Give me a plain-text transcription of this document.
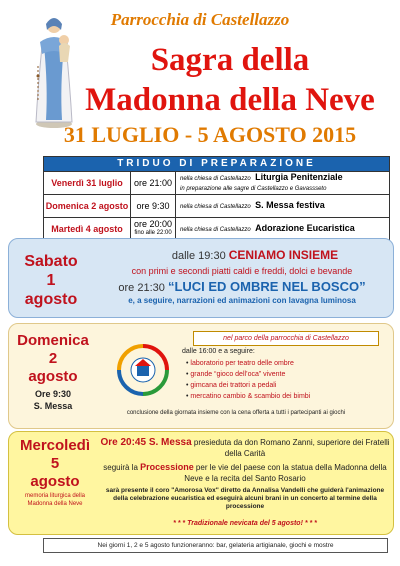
Parrocchia di Castellazzo
Sagra della
Madonna della Neve
31 LUGLIO - 5 AGOSTO 2015
TRIDUO DI PREPARAZIONE
Venerdì 31 luglio	ore 21:00 nella chiesa di Castellazzo Liturgia Penitenziale
in preparazione alle sagre di Castellazzo e Gavassseto
Domenica 2 agosto ore 9:30 nella chiesa di Castellazzo S. Messa festiva
Martedì 4 agosto	ore 20:00
fino alle 22:00 nella chiesa di Castellazzo Adorazione Eucaristica
Sabato
1
agosto
dalle 19:30 CENIAMO INSIEME
con primi e secondi piatti caldi e freddi, dolci e bevande
ore 21:30 “LUCI ED OMBRE NEL BOSCO”
e, a seguire, narrazioni ed animazioni con lavagna luminosa
Domenica
2
agosto
Ore 9:30
S. Messa
nel parco della parrocchia di Castellazzo
dalle 16:00 e a seguire:
• laboratorio per teatro delle ombre
• grande “gioco dell’oca” vivente
• gimcana dei trattori a pedali
• mercatino cambio & scambio dei bimbi
conclusione della giornata insieme con la cena offerta a tutti i partecipanti ai giochi
Mercoledì
5
agosto
memoria liturgica della Madonna della Neve
Ore 20:45 S. Messa presieduta da don Romano Zanni, superiore dei Fratelli della Carità
seguirà la Processione per le vie del paese con la statua della Madonna della Neve e la recita del Santo Rosario
sarà presente il coro "Amorosa Vox" diretto da Annalisa Vandelli che guiderà l'animazione della celebrazione eucaristica ed eseguirà alcuni brani in un concerto al termine della processione
* * * Tradizionale nevicata del 5 agosto! * * *
Nei giorni 1, 2 e 5 agosto funzioneranno: bar, gelateria artigianale, giochi e mostre
